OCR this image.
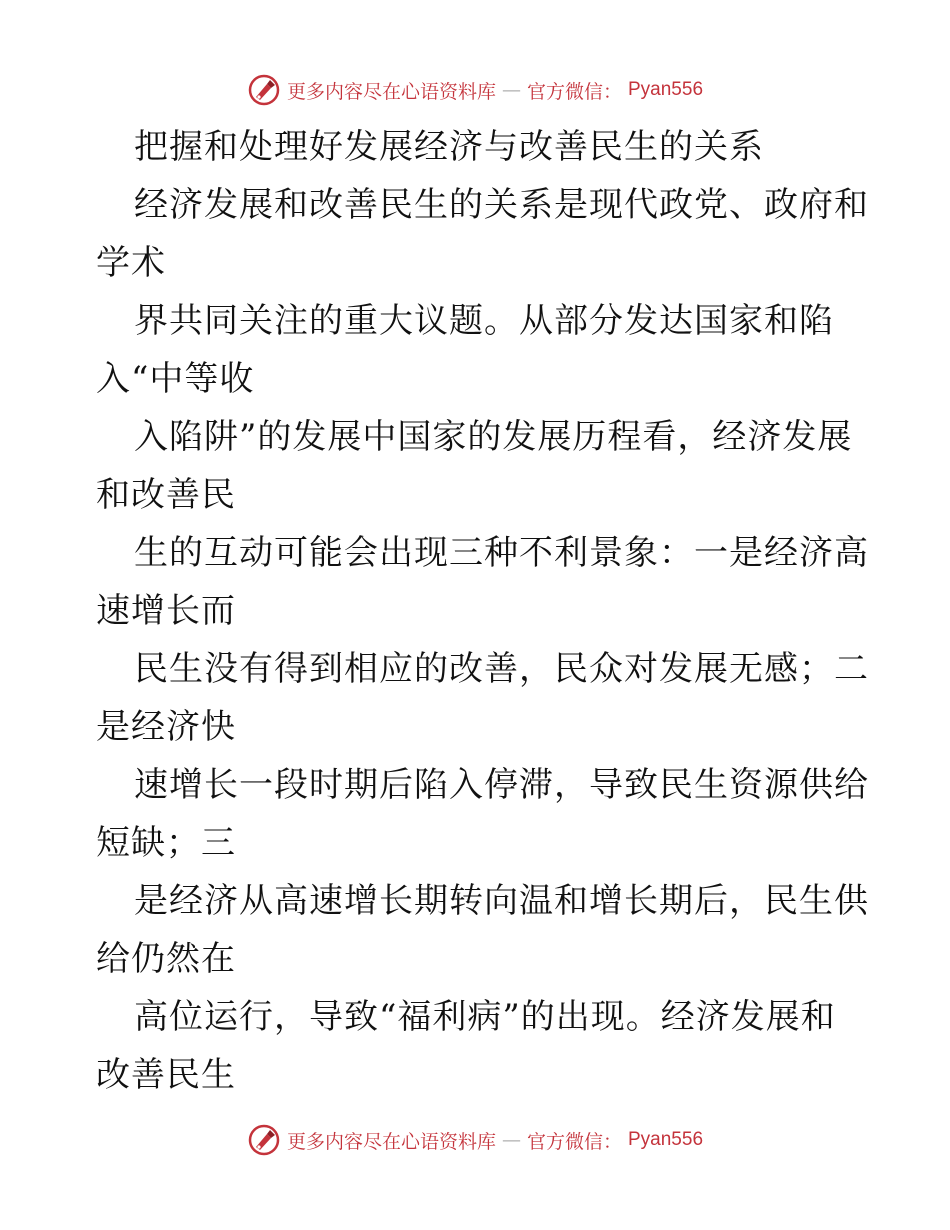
更多内容尽在心语资料库 — 官方微信： Pyan556
把握和处理好发展经济与改善民生的关系
经济发展和改善民生的关系是现代政党、政府和
学术
界共同关注的重大议题。从部分发达国家和陷
入“中等收
入陷阱”的发展中国家的发展历程看，经济发展
和改善民
生的互动可能会出现三种不利景象：一是经济高
速增长而
民生没有得到相应的改善，民众对发展无感；二
是经济快
速增长一段时期后陷入停滞，导致民生资源供给
短缺；三
是经济从高速增长期转向温和增长期后，民生供
给仍然在
高位运行，导致“福利病”的出现。经济发展和
改善民生
更多内容尽在心语资料库 — 官方微信： Pyan556
